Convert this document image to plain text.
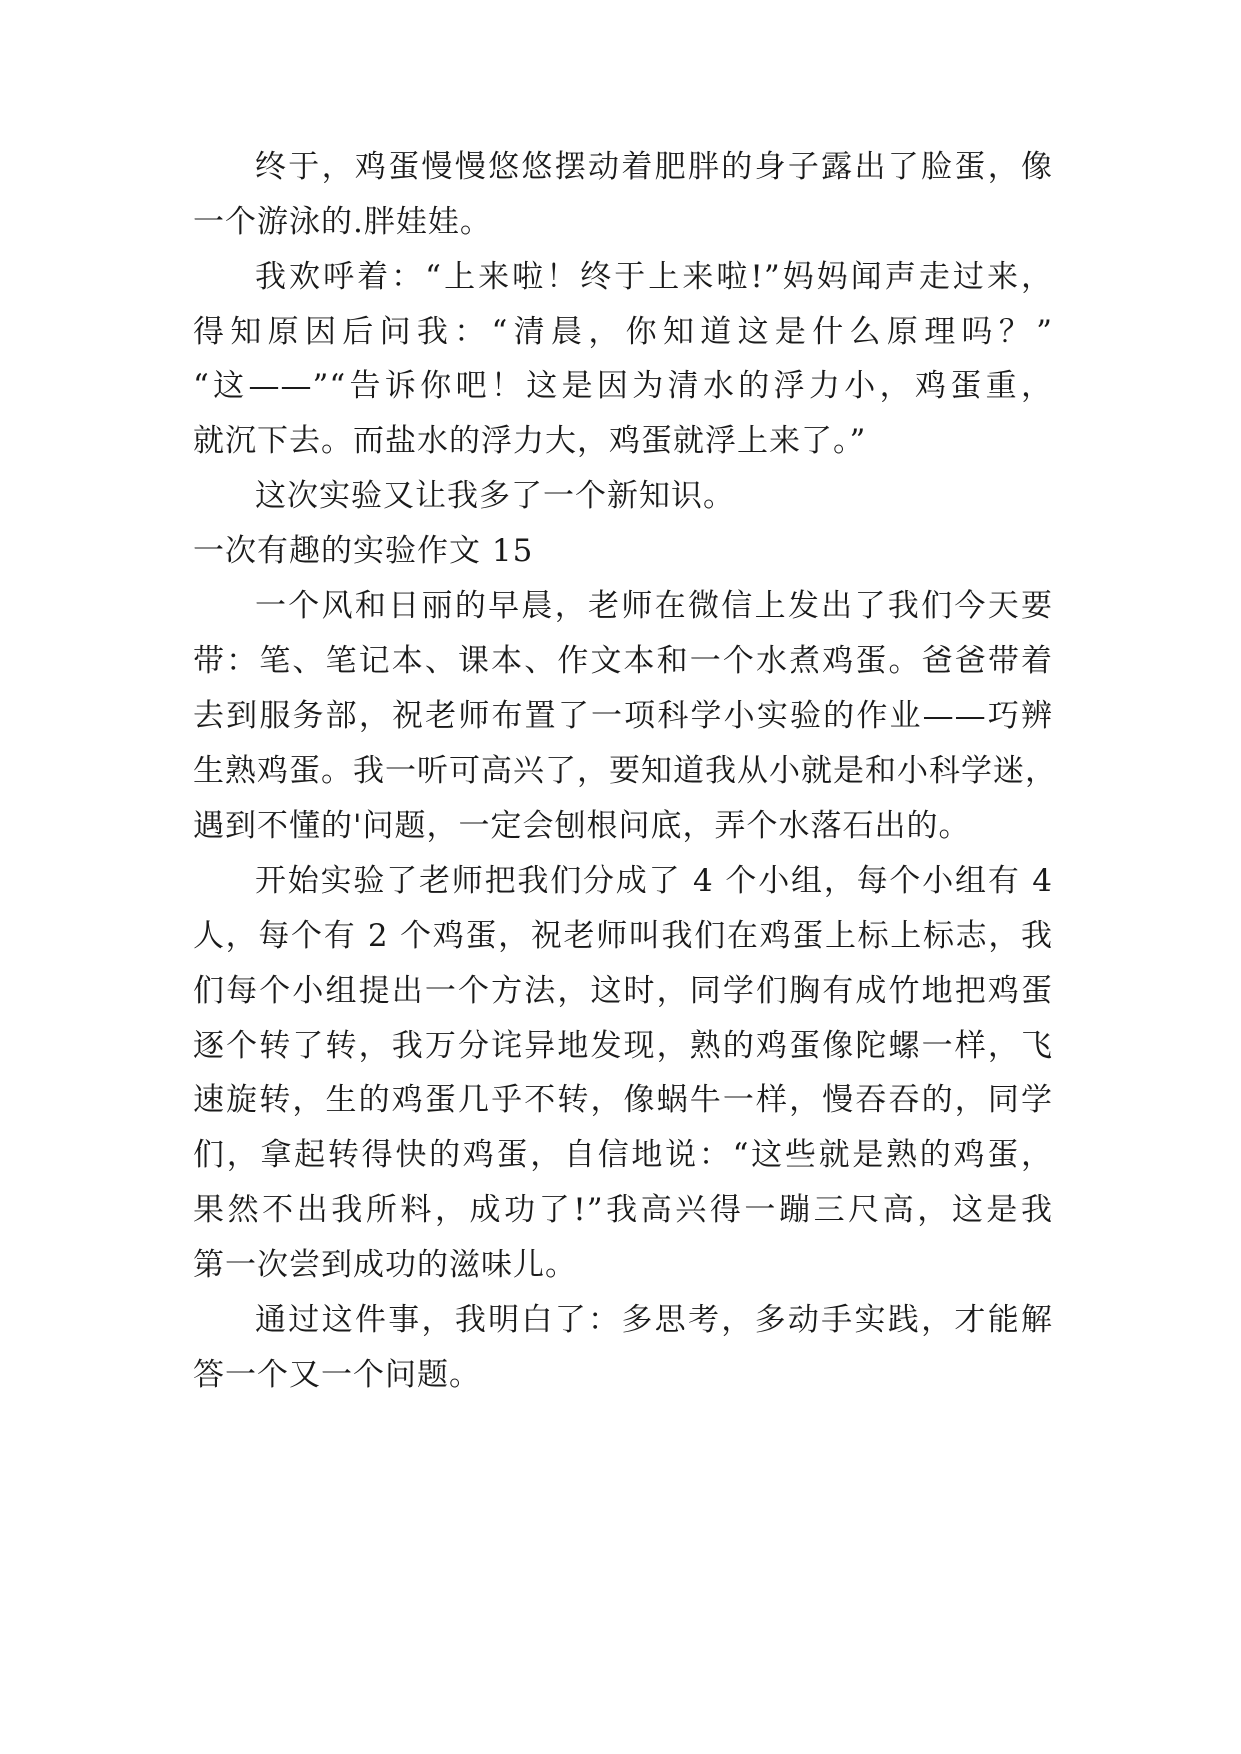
终于，鸡蛋慢慢悠悠摆动着肥胖的身子露出了脸蛋，像
一个游泳的.胖娃娃。
我欢呼着：“上来啦！终于上来啦!”妈妈闻声走过来，
得知原因后问我：“清晨，你知道这是什么原理吗？”
“这——”“告诉你吧！这是因为清水的浮力小，鸡蛋重，
就沉下去。而盐水的浮力大，鸡蛋就浮上来了。”
这次实验又让我多了一个新知识。
一次有趣的实验作文 15
一个风和日丽的早晨，老师在微信上发出了我们今天要
带：笔、笔记本、课本、作文本和一个水煮鸡蛋。爸爸带着
去到服务部，祝老师布置了一项科学小实验的作业——巧辨
生熟鸡蛋。我一听可高兴了，要知道我从小就是和小科学迷，
遇到不懂的'问题，一定会刨根问底，弄个水落石出的。
开始实验了老师把我们分成了 4 个小组，每个小组有 4
人，每个有 2 个鸡蛋，祝老师叫我们在鸡蛋上标上标志，我
们每个小组提出一个方法，这时，同学们胸有成竹地把鸡蛋
逐个转了转，我万分诧异地发现，熟的鸡蛋像陀螺一样，飞
速旋转，生的鸡蛋几乎不转，像蜗牛一样，慢吞吞的，同学
们，拿起转得快的鸡蛋，自信地说：“这些就是熟的鸡蛋，
果然不出我所料，成功了!”我高兴得一蹦三尺高，这是我
第一次尝到成功的滋味儿。
通过这件事，我明白了：多思考，多动手实践，才能解
答一个又一个问题。
